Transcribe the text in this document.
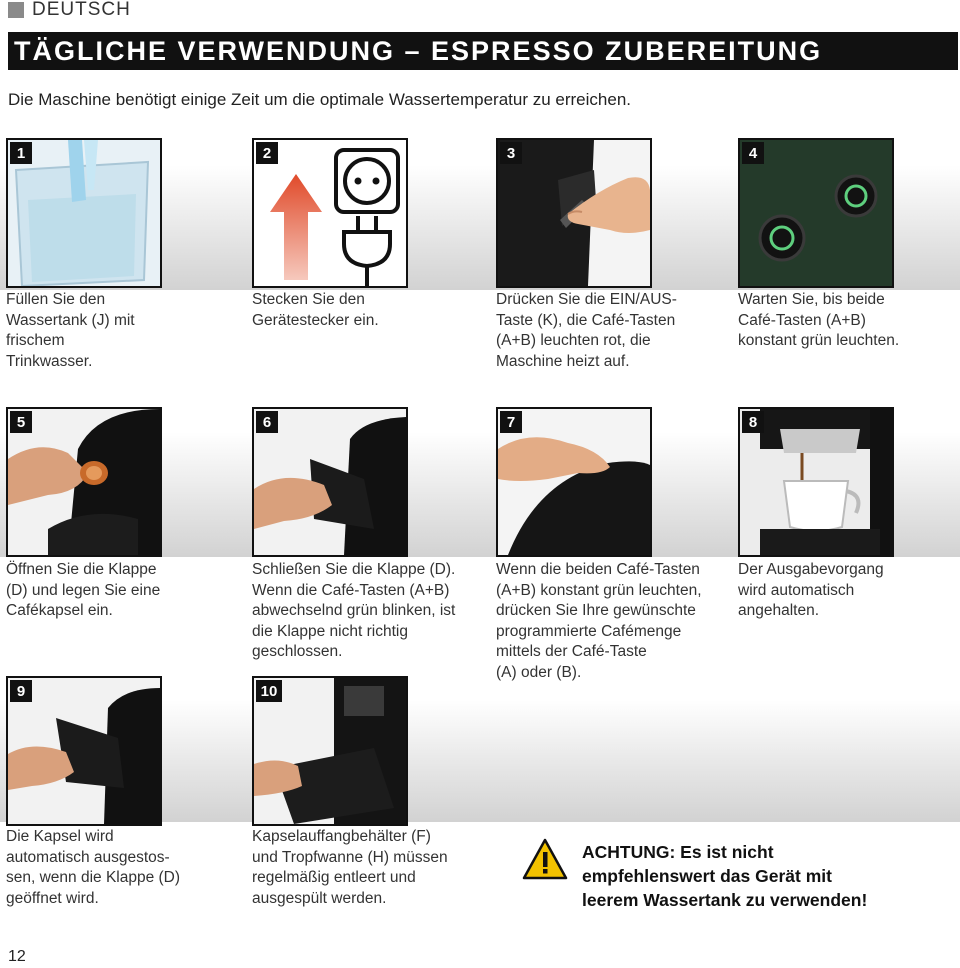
DEUTSCH
TÄGLICHE VERWENDUNG – ESPRESSO ZUBEREITUNG
Die Maschine benötigt einige Zeit um die optimale Wassertemperatur zu erreichen.
1
Füllen Sie den
Wassertank (J) mit
frischem
Trinkwasser.
2
Stecken Sie den
Gerätestecker ein.
3
Drücken Sie die EIN/AUS-
Taste (K), die Café-Tasten
(A+B) leuchten rot, die
Maschine heizt auf.
4
Warten Sie, bis beide
Café-Tasten (A+B)
konstant grün leuchten.
5
Öffnen Sie die Klappe
(D) und legen Sie eine
Cafékapsel ein.
6
Schließen Sie die Klappe (D).
Wenn die Café-Tasten (A+B)
abwechselnd grün blinken, ist
die Klappe nicht richtig
geschlossen.
7
Wenn die beiden Café-Tasten
(A+B) konstant grün leuchten,
drücken Sie Ihre gewünschte
programmierte Cafémenge
mittels der Café-Taste
(A) oder (B).
8
Der Ausgabevorgang
wird automatisch
angehalten.
9
Die Kapsel wird
automatisch ausgestos-
sen, wenn die Klappe (D)
geöffnet wird.
10
Kapselauffangbehälter (F)
und Tropfwanne (H) müssen
regelmäßig entleert und
ausgespült werden.
ACHTUNG: Es ist nicht
empfehlenswert das Gerät mit
leerem Wassertank zu verwenden!
12
